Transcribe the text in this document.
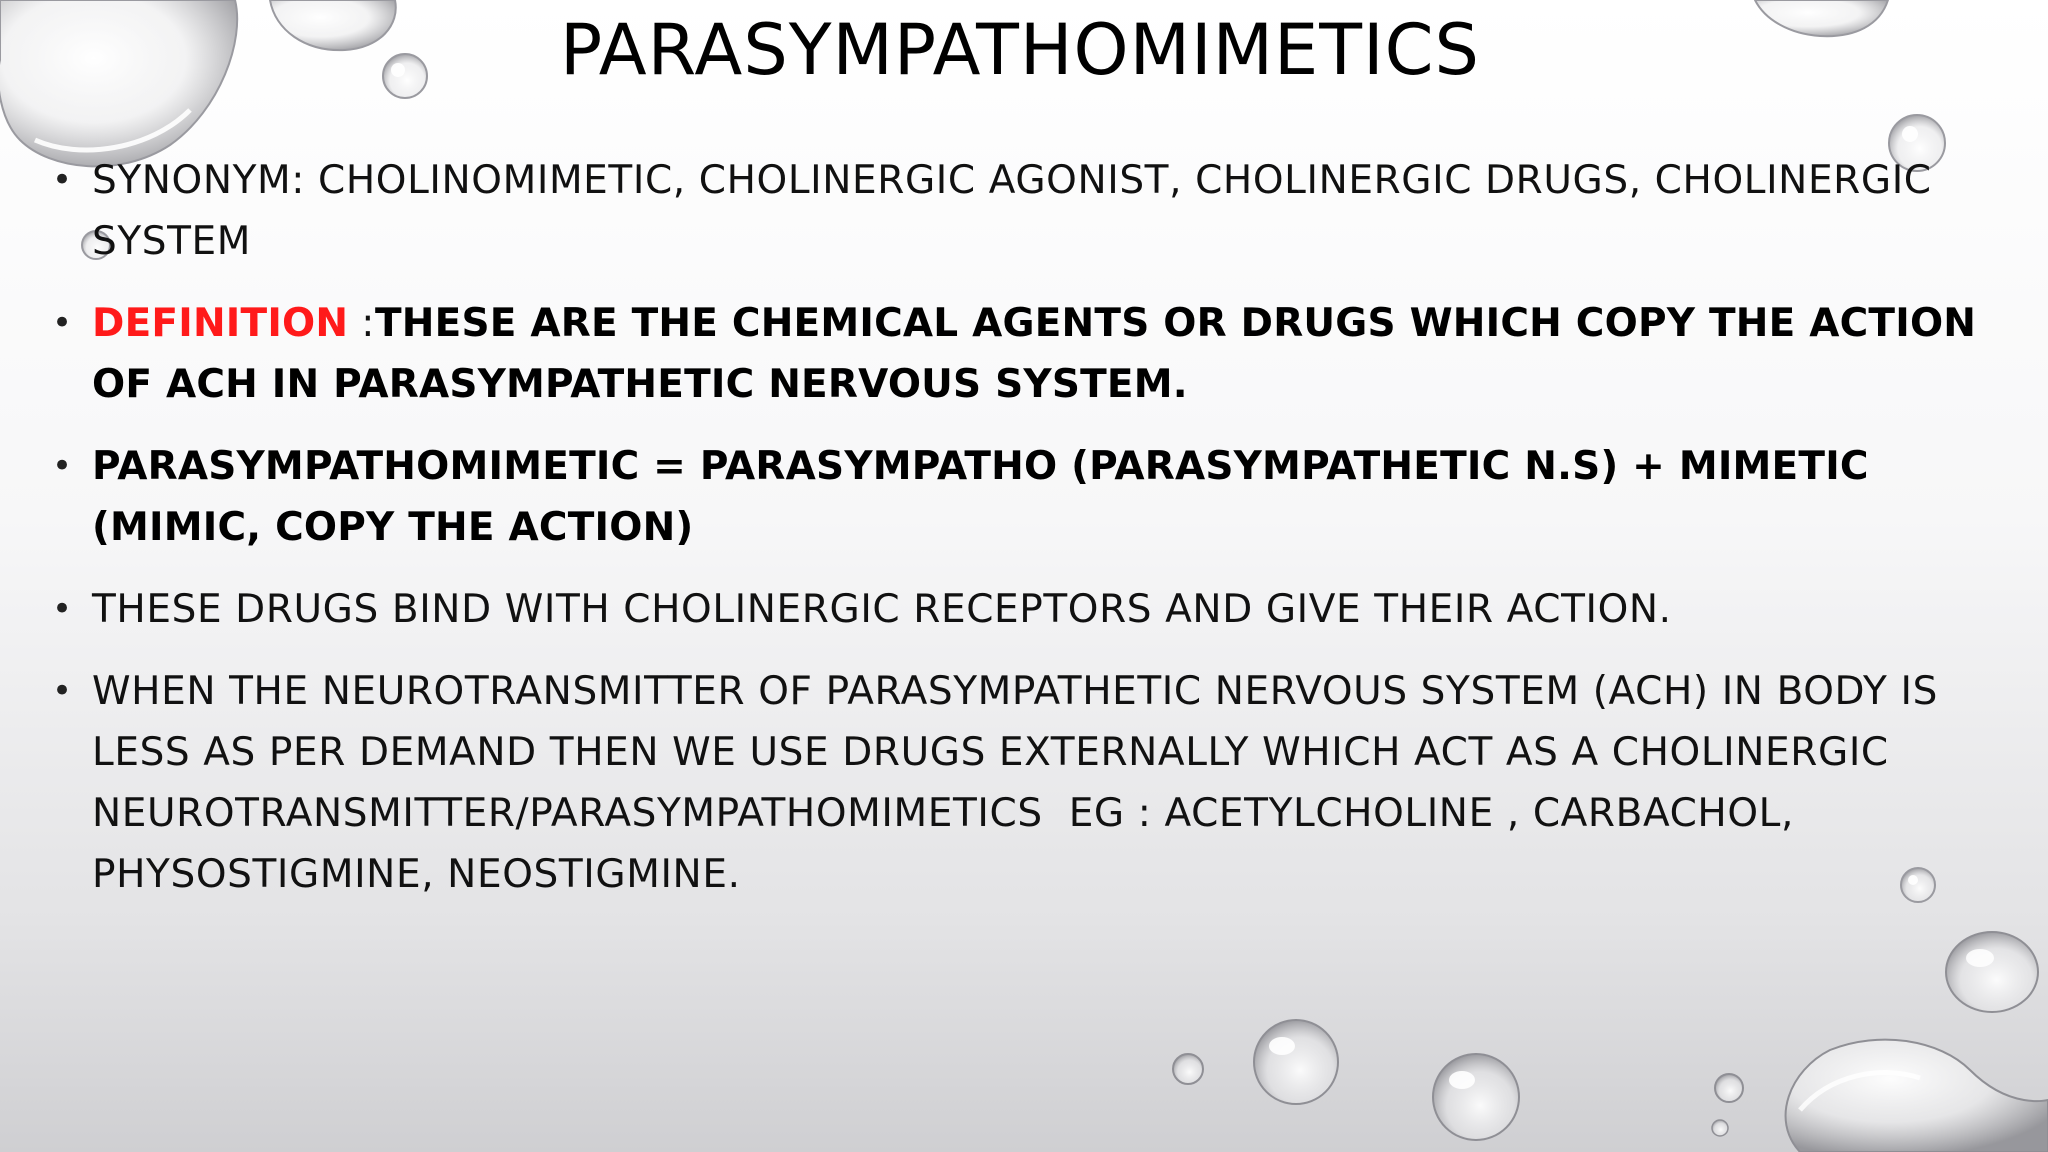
PARASYMPATHOMIMETICS
• SYNONYM: CHOLINOMIMETIC, CHOLINERGIC AGONIST, CHOLINERGIC DRUGS, CHOLINERGIC SYSTEM
• DEFINITION :THESE ARE THE CHEMICAL AGENTS OR DRUGS WHICH COPY THE ACTION OF ACH IN PARASYMPATHETIC NERVOUS SYSTEM.
• PARASYMPATHOMIMETIC = PARASYMPATHO (PARASYMPATHETIC N.S) + MIMETIC (MIMIC, COPY THE ACTION)
• THESE DRUGS BIND WITH CHOLINERGIC RECEPTORS AND GIVE THEIR ACTION.
• WHEN THE NEUROTRANSMITTER OF PARASYMPATHETIC NERVOUS SYSTEM (ACH) IN BODY IS LESS AS PER DEMAND THEN WE USE DRUGS EXTERNALLY WHICH ACT AS A CHOLINERGIC NEUROTRANSMITTER/PARASYMPATHOMIMETICS  EG : ACETYLCHOLINE , CARBACHOL, PHYSOSTIGMINE, NEOSTIGMINE.
